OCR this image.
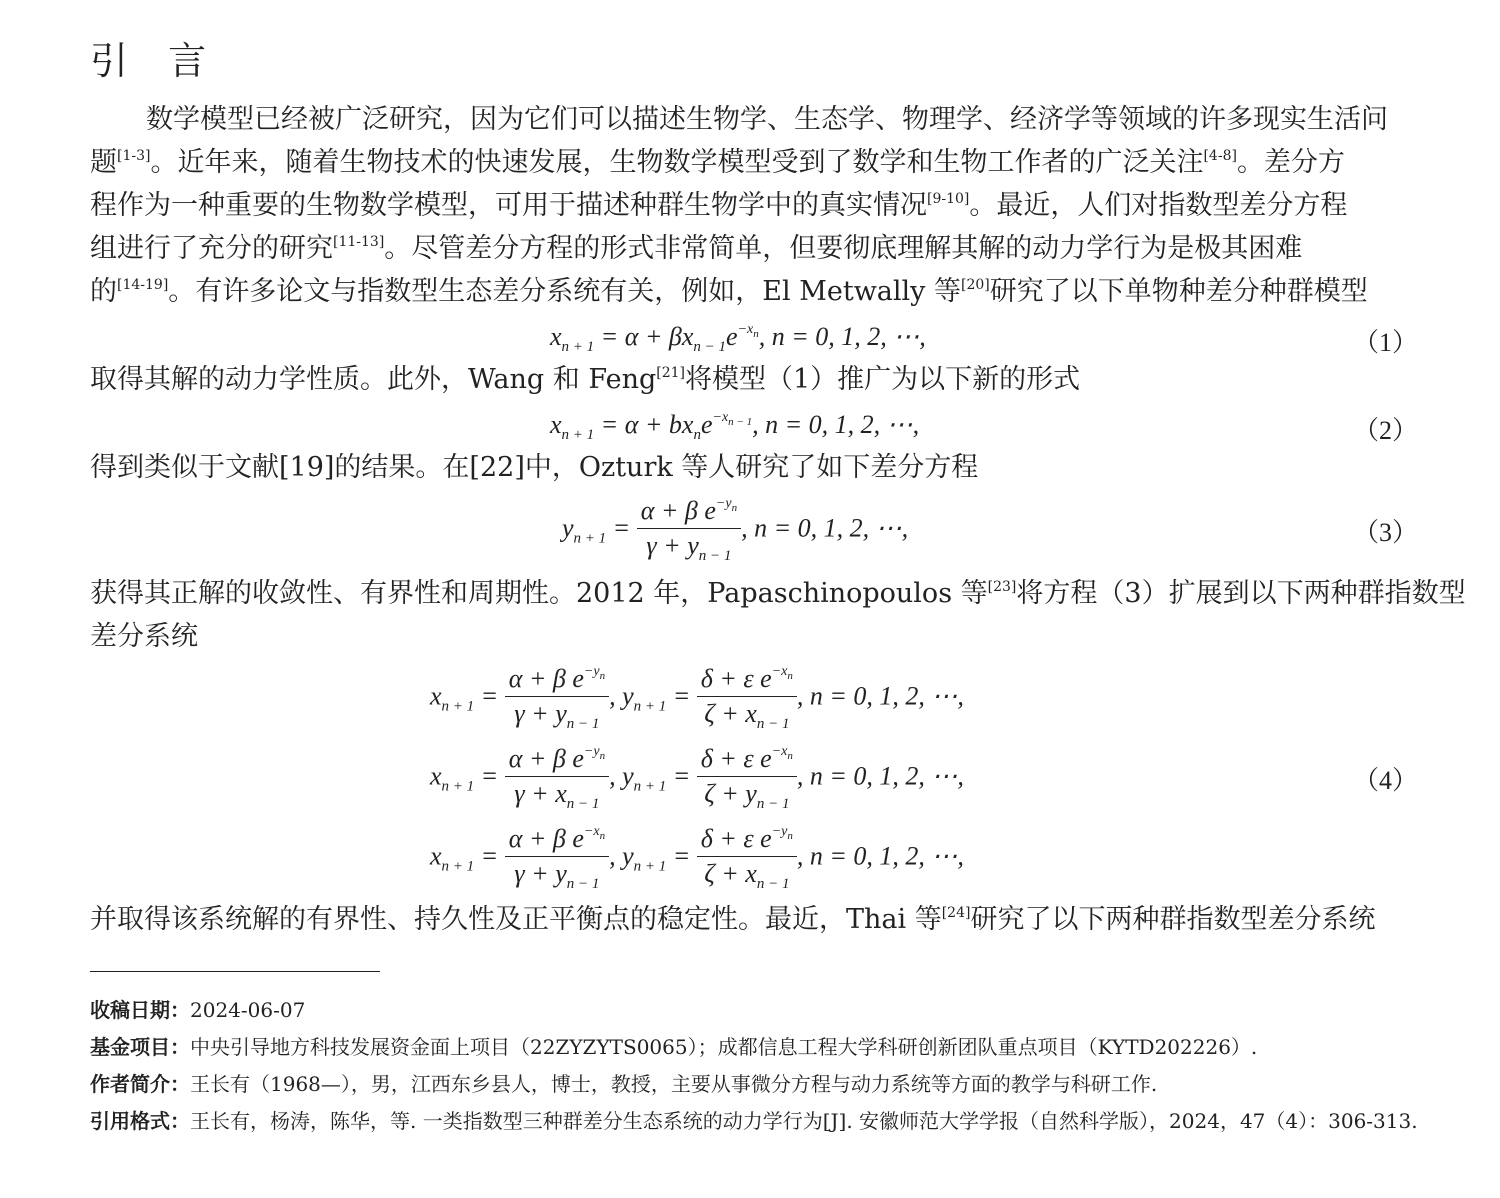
引 言
数学模型已经被广泛研究，因为它们可以描述生物学、生态学、物理学、经济学等领域的许多现实生活问
题[1-3]。近年来，随着生物技术的快速发展，生物数学模型受到了数学和生物工作者的广泛关注[4-8]。差分方
程作为一种重要的生物数学模型，可用于描述种群生物学中的真实情况[9-10]。最近，人们对指数型差分方程
组进行了充分的研究[11-13]。尽管差分方程的形式非常简单，但要彻底理解其解的动力学行为是极其困难
的[14-19]。有许多论文与指数型生态差分系统有关，例如，El Metwally 等[20]研究了以下单物种差分种群模型
$x_{n + 1} = \alpha + \beta x_{n - 1}e^{-xn}$, n = 0, 1, 2, ⋯,	（1）
取得其解的动力学性质。此外，Wang 和 Feng[21]将模型（1）推广为以下新的形式
$x_{n + 1} = \alpha + bx_ne^{-xn - 1}$, n = 0, 1, 2, ⋯,	（2）
得到类似于文献[19]的结果。在[22]中，Ozturk 等人研究了如下差分方程
$y_{n + 1} = \frac{\alpha + \beta e^{-yn}}{\gamma + y_{n - 1}}$ , n = 0, 1, 2, ⋯,	（3）
获得其正解的收敛性、有界性和周期性。2012 年，Papaschinopoulos 等[23]将方程（3）扩展到以下两种群指数型
差分系统
$x_{n + 1} = \frac{\alpha + \beta e^{-yn}}{\gamma + y_{n - 1}}$ , $y_{n + 1} = \frac{\delta + \varepsilon e^{-xn}}{\zeta + x_{n - 1}}$ , n = 0, 1, 2, ⋯,
$x_{n + 1} = \frac{\alpha + \beta e^{-yn}}{\gamma + x_{n - 1}}$ , $y_{n + 1} = \frac{\delta + \varepsilon e^{-xn}}{\zeta + y_{n - 1}}$ , n = 0, 1, 2, ⋯,
$x_{n + 1} = \frac{\alpha + \beta e^{-xn}}{\gamma + y_{n - 1}}$ , $y_{n + 1} = \frac{\delta + \varepsilon e^{-yn}}{\zeta + x_{n - 1}}$ , n = 0, 1, 2, ⋯,
（4）
并取得该系统解的有界性、持久性及正平衡点的稳定性。最近，Thai 等[24]研究了以下两种群指数型差分系统
收稿日期：2024-06-07
基金项目：中央引导地方科技发展资金面上项目（22ZYZYTS0065）；成都信息工程大学科研创新团队重点项目（KYTD202226）.
作者简介：王长有（1968—），男，江西东乡县人，博士，教授，主要从事微分方程与动力系统等方面的教学与科研工作.
引用格式：王长有，杨涛，陈华，等. 一类指数型三种群差分生态系统的动力学行为[J]. 安徽师范大学学报（自然科学版），2024，47（4）：306-313.
